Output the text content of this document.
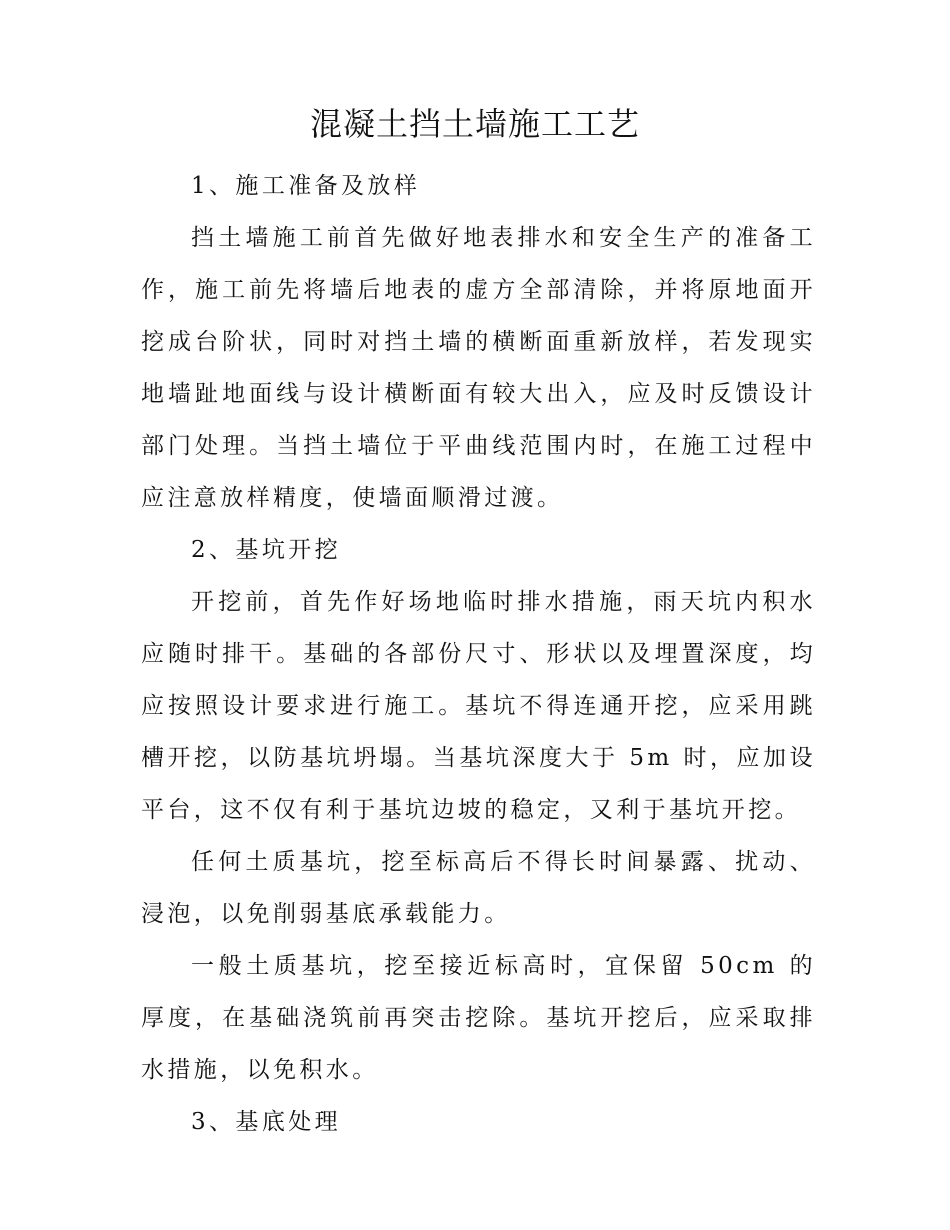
混凝土挡土墙施工工艺

1、施工准备及放样

挡土墙施工前首先做好地表排水和安全生产的准备工作，施工前先将墙后地表的虚方全部清除，并将原地面开挖成台阶状，同时对挡土墙的横断面重新放样，若发现实地墙趾地面线与设计横断面有较大出入，应及时反馈设计部门处理。当挡土墙位于平曲线范围内时，在施工过程中应注意放样精度，使墙面顺滑过渡。

2、基坑开挖

开挖前，首先作好场地临时排水措施，雨天坑内积水应随时排干。基础的各部份尺寸、形状以及埋置深度，均应按照设计要求进行施工。基坑不得连通开挖，应采用跳槽开挖，以防基坑坍塌。当基坑深度大于 5m 时，应加设平台，这不仅有利于基坑边坡的稳定，又利于基坑开挖。

任何土质基坑，挖至标高后不得长时间暴露、扰动、浸泡，以免削弱基底承载能力。

一般土质基坑，挖至接近标高时，宜保留 50cm 的厚度，在基础浇筑前再突击挖除。基坑开挖后，应采取排水措施，以免积水。

3、基底处理
